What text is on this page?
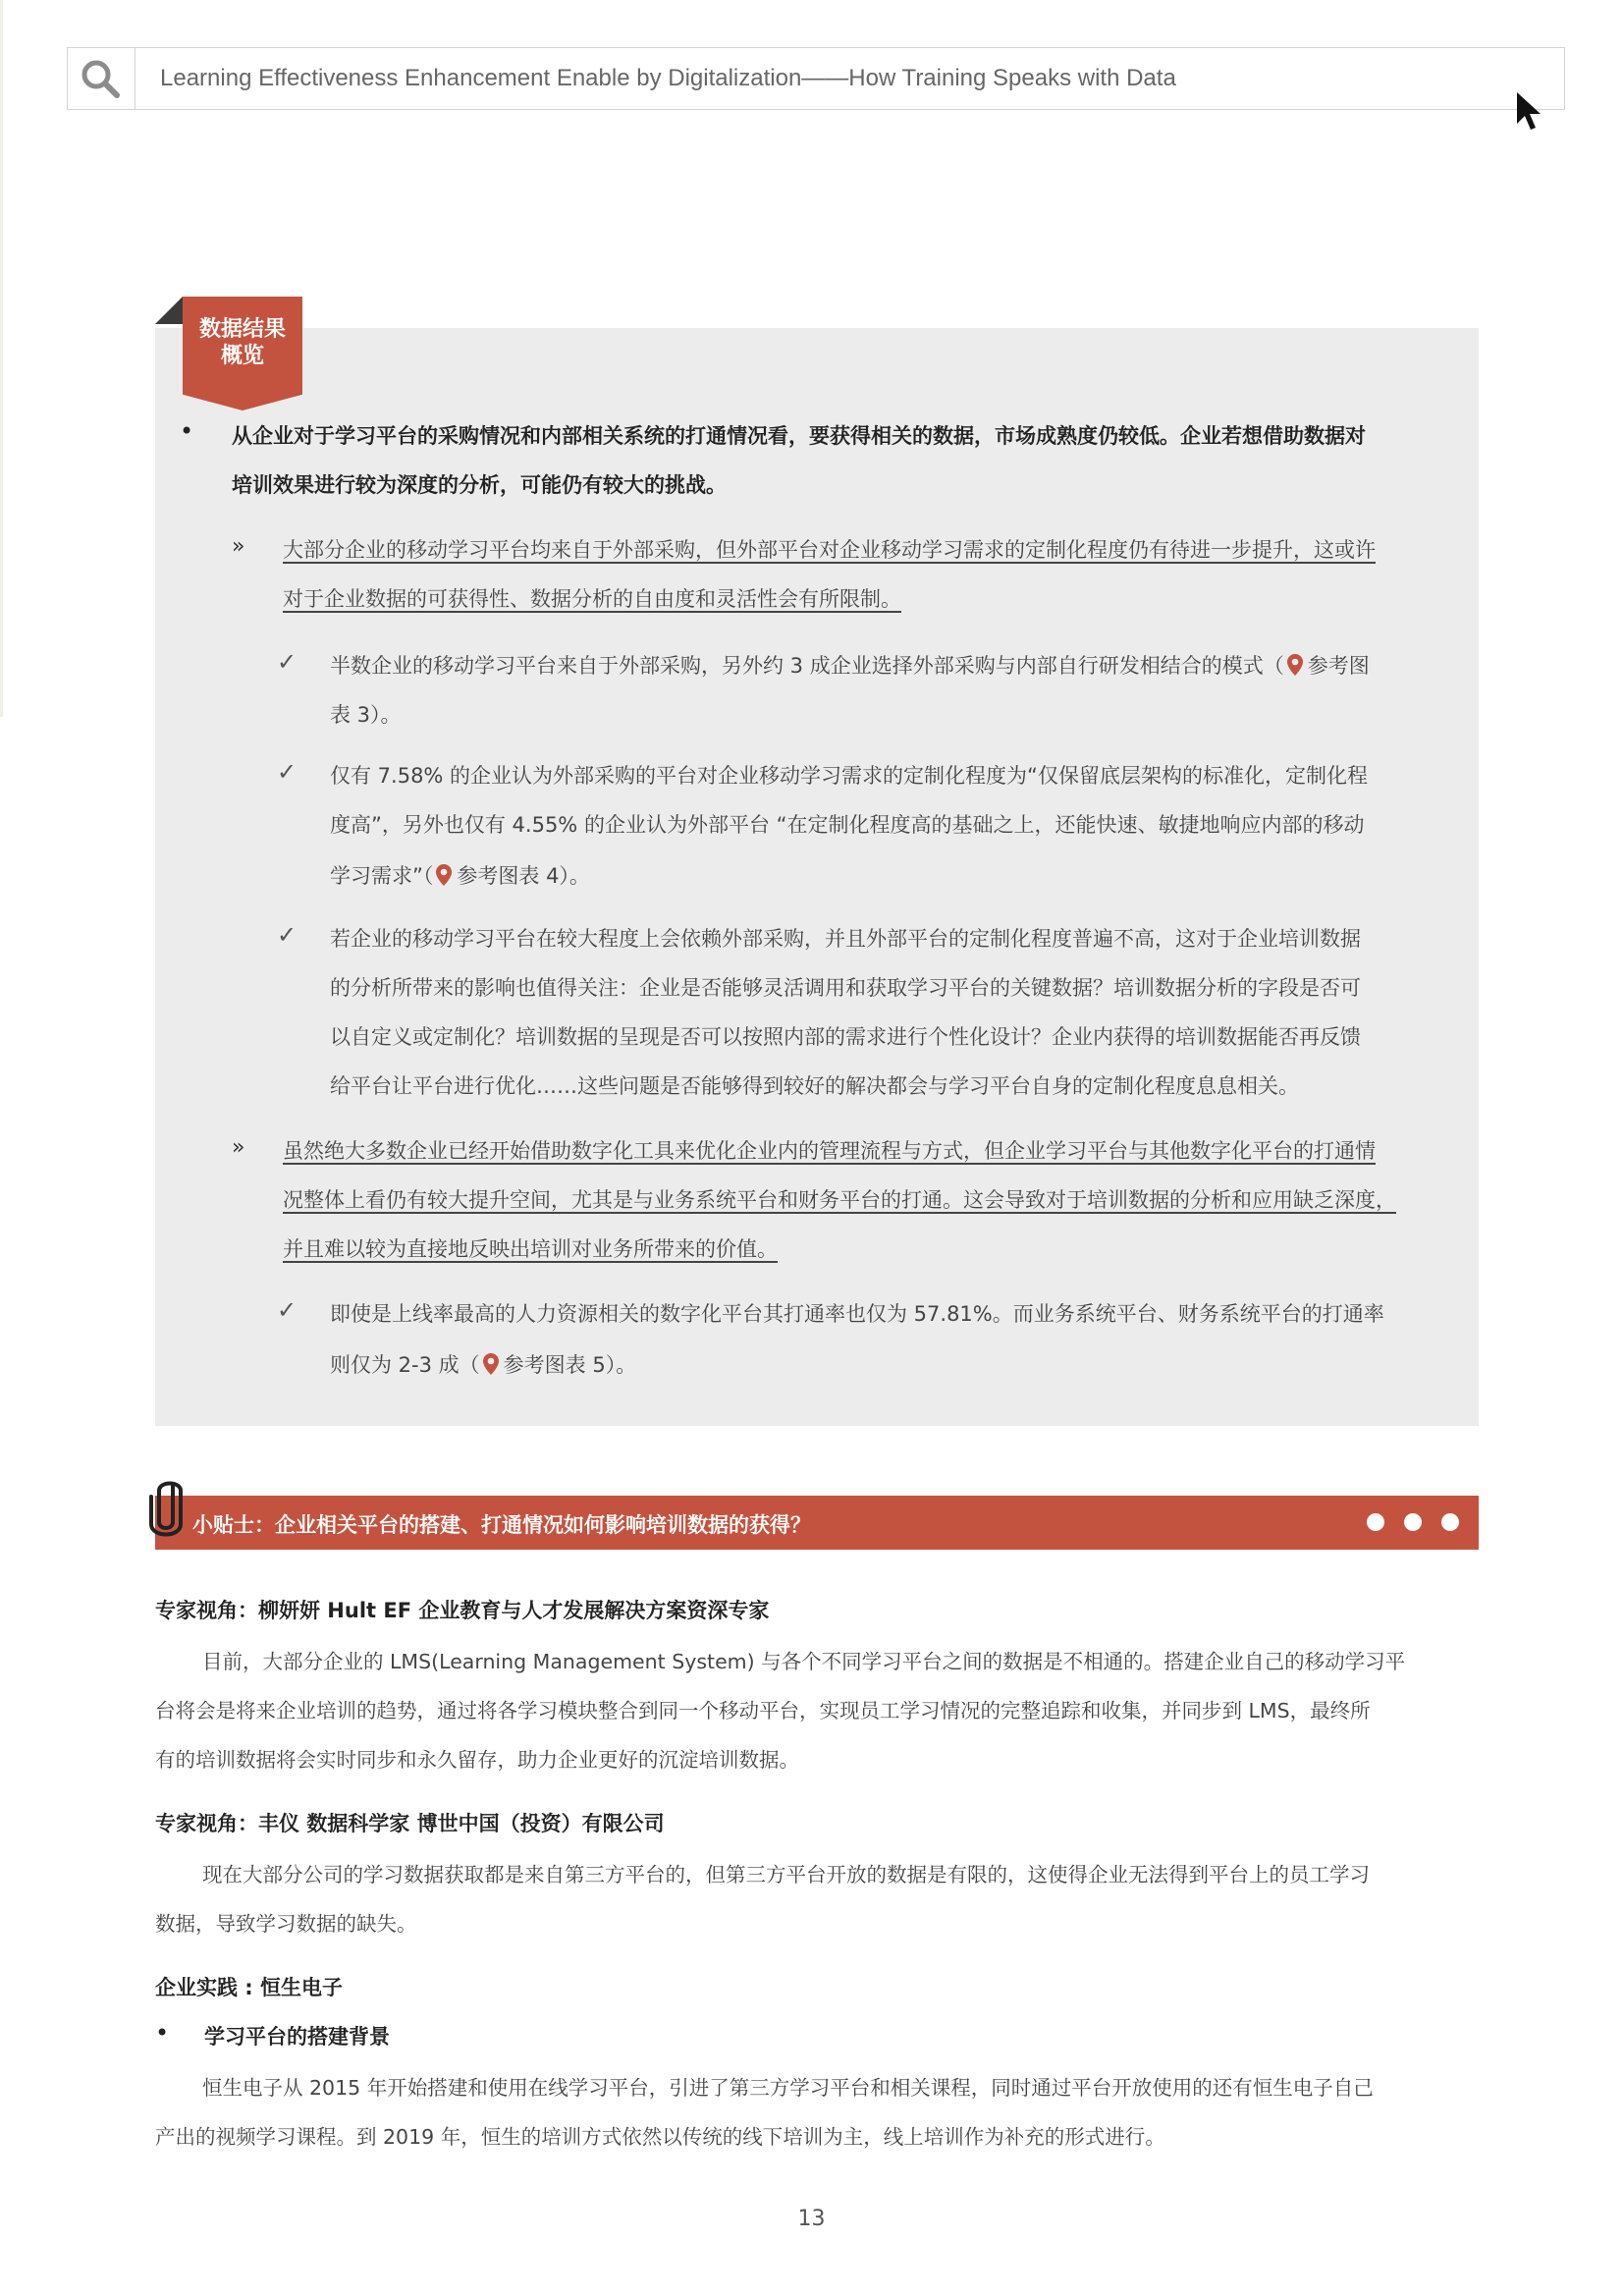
Learning Effectiveness Enhancement Enable by Digitalization——How Training Speaks with Data
数据结果
概览
• 从企业对于学习平台的采购情况和内部相关系统的打通情况看，要获得相关的数据，市场成熟度仍较低。企业若想借助数据对
培训效果进行较为深度的分析，可能仍有较大的挑战。
» 大部分企业的移动学习平台均来自于外部采购，但外部平台对企业移动学习需求的定制化程度仍有待进一步提升，这或许
对于企业数据的可获得性、数据分析的自由度和灵活性会有所限制。
✓ 半数企业的移动学习平台来自于外部采购，另外约 3 成企业选择外部采购与内部自行研发相结合的模式（ 参考图
表 3）。
✓ 仅有 7.58% 的企业认为外部采购的平台对企业移动学习需求的定制化程度为“仅保留底层架构的标准化，定制化程
度高”，另外也仅有 4.55% 的企业认为外部平台 “在定制化程度高的基础之上，还能快速、敏捷地响应内部的移动
学习需求”（ 参考图表 4）。
✓ 若企业的移动学习平台在较大程度上会依赖外部采购，并且外部平台的定制化程度普遍不高，这对于企业培训数据
的分析所带来的影响也值得关注：企业是否能够灵活调用和获取学习平台的关键数据？培训数据分析的字段是否可
以自定义或定制化？培训数据的呈现是否可以按照内部的需求进行个性化设计？企业内获得的培训数据能否再反馈
给平台让平台进行优化……这些问题是否能够得到较好的解决都会与学习平台自身的定制化程度息息相关。
» 虽然绝大多数企业已经开始借助数字化工具来优化企业内的管理流程与方式，但企业学习平台与其他数字化平台的打通情
况整体上看仍有较大提升空间，尤其是与业务系统平台和财务平台的打通。这会导致对于培训数据的分析和应用缺乏深度，
并且难以较为直接地反映出培训对业务所带来的价值。
✓ 即使是上线率最高的人力资源相关的数字化平台其打通率也仅为 57.81%。而业务系统平台、财务系统平台的打通率
则仅为 2-3 成（ 参考图表 5）。
小贴士：企业相关平台的搭建、打通情况如何影响培训数据的获得？
专家视角：柳妍妍 Hult EF 企业教育与人才发展解决方案资深专家
目前，大部分企业的 LMS(Learning Management System) 与各个不同学习平台之间的数据是不相通的。搭建企业自己的移动学习平
台将会是将来企业培训的趋势，通过将各学习模块整合到同一个移动平台，实现员工学习情况的完整追踪和收集，并同步到 LMS，最终所
有的培训数据将会实时同步和永久留存，助力企业更好的沉淀培训数据。
专家视角：丰仪 数据科学家 博世中国（投资）有限公司
现在大部分公司的学习数据获取都是来自第三方平台的，但第三方平台开放的数据是有限的，这使得企业无法得到平台上的员工学习
数据，导致学习数据的缺失。
企业实践 : 恒生电子
• 学习平台的搭建背景
恒生电子从 2015 年开始搭建和使用在线学习平台，引进了第三方学习平台和相关课程，同时通过平台开放使用的还有恒生电子自己
产出的视频学习课程。到 2019 年，恒生的培训方式依然以传统的线下培训为主，线上培训作为补充的形式进行。
13
